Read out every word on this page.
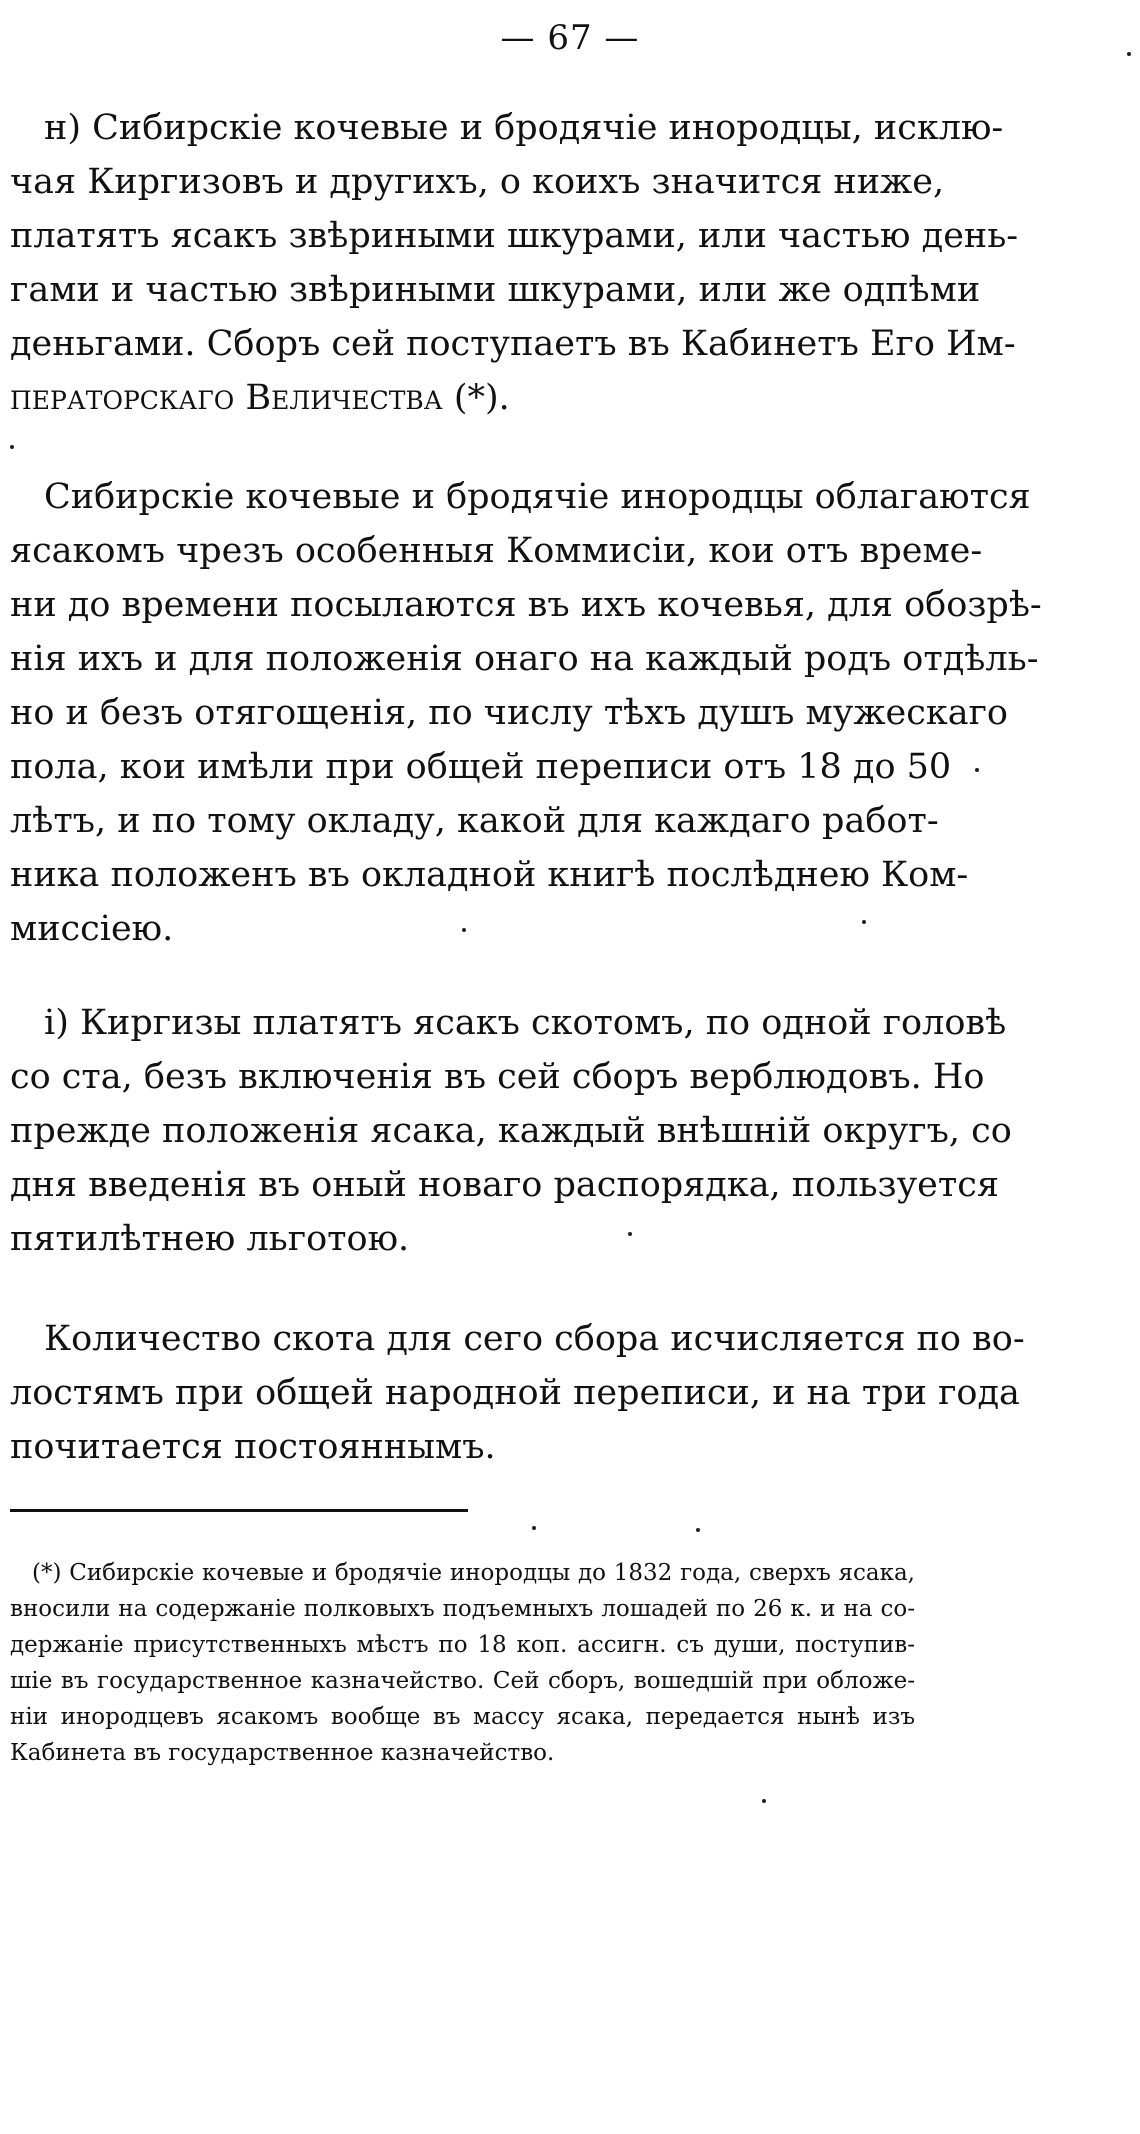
— 67 —
н) Сибирскіе кочевые и бродячіе инородцы, исклю-
чая Киргизовъ и другихъ, о коихъ значится ниже,
платятъ ясакъ звѣриными шкурами, или частью день-
гами и частью звѣриными шкурами, или же одпѣми
деньгами. Сборъ сей поступаетъ въ Кабинетъ Его Им-
ператорскаго Величества (*).
Сибирскіе кочевые и бродячіе инородцы облагаются
ясакомъ чрезъ особенныя Коммисіи, кои отъ време-
ни до времени посылаются въ ихъ кочевья, для обозрѣ-
нія ихъ и для положенія онаго на каждый родъ отдѣль-
но и безъ отягощенія, по числу тѣхъ душъ мужескаго
пола, кои имѣли при общей переписи отъ 18 до 50
лѣтъ, и по тому окладу, какой для каждаго работ-
ника положенъ въ окладной книгѣ послѣднею Ком-
миссіею.
і) Киргизы платятъ ясакъ скотомъ, по одной головѣ
со ста, безъ включенія въ сей сборъ верблюдовъ. Но
прежде положенія ясака, каждый внѣшній округъ, со
дня введенія въ оный новаго распорядка, пользуется
пятилѣтнею льготою.
Количество скота для сего сбора исчисляется по во-
лостямъ при общей народной переписи, и на три года
почитается постояннымъ.
(*) Сибирскіе кочевые и бродячіе инородцы до 1832 года, сверхъ ясака,
вносили на содержаніе полковыхъ подъемныхъ лошадей по 26 к. и на со-
держаніе присутственныхъ мѣстъ по 18 коп. ассигн. съ души, поступив-
шіе въ государственное казначейство. Сей сборъ, вошедшій при обложе-
ніи инородцевъ ясакомъ вообще въ массу ясака, передается нынѣ изъ
Кабинета въ государственное казначейство.
